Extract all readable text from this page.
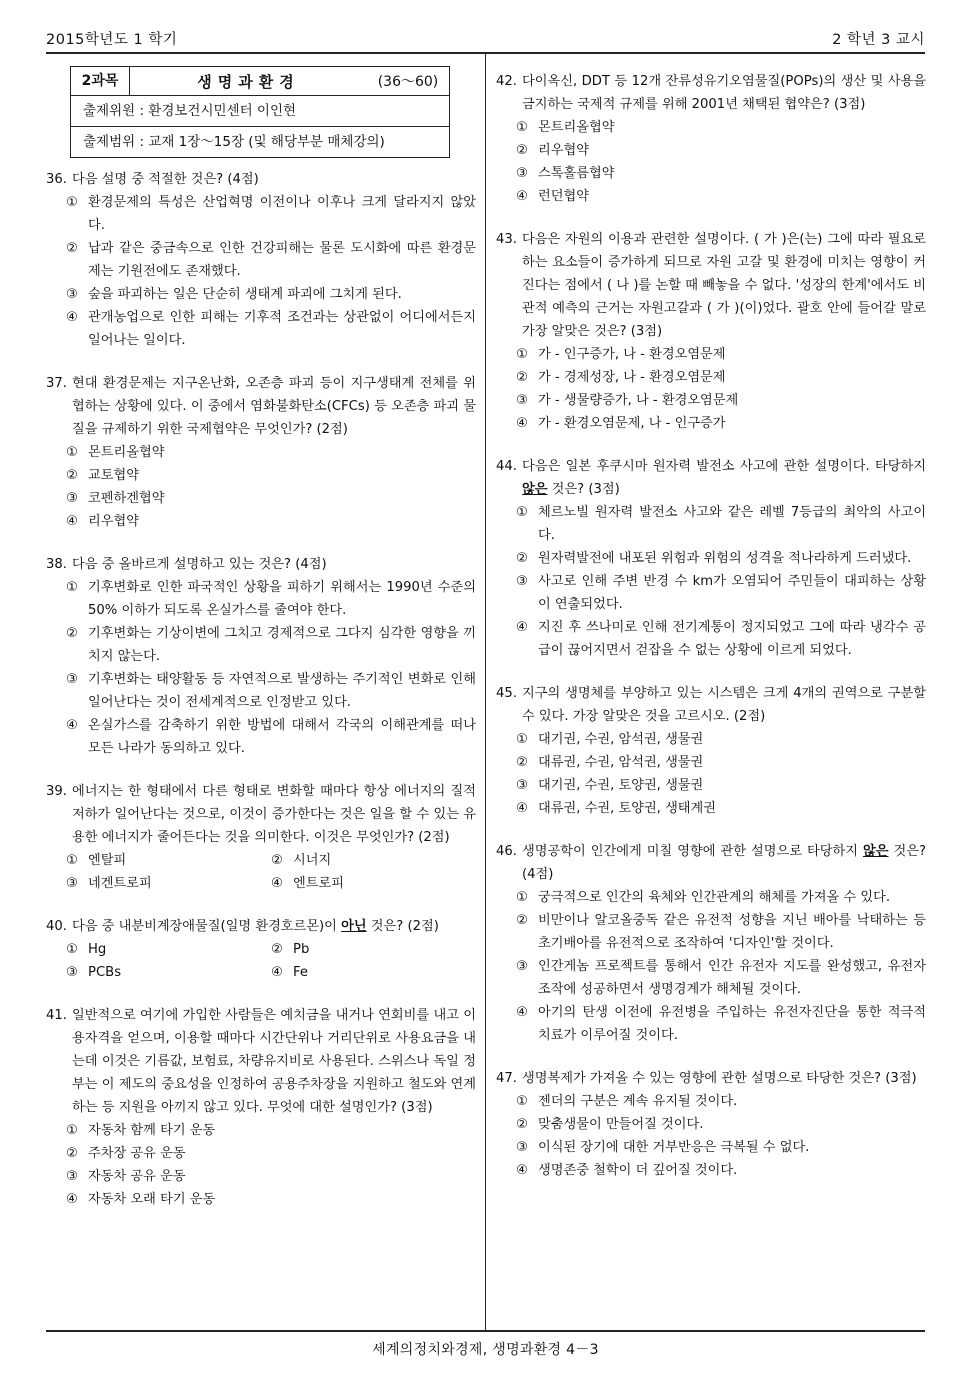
2015학년도 1 학기	2 학년 3 교시
2과목	생명과환경	(36～60)
출제위원 : 환경보건시민센터 이인현
출제범위 : 교재 1장～15장 (및 해당부분 매체강의)
36. 다음 설명 중 적절한 것은? (4점)
① 환경문제의 특성은 산업혁명 이전이나 이후나 크게 달라지지 않았다.
② 납과 같은 중금속으로 인한 건강피해는 물론 도시화에 따른 환경문제는 기원전에도 존재했다.
③ 숲을 파괴하는 일은 단순히 생태계 파괴에 그치게 된다.
④ 관개농업으로 인한 피해는 기후적 조건과는 상관없이 어디에서든지 일어나는 일이다.
37. 현대 환경문제는 지구온난화, 오존층 파괴 등이 지구생태계 전체를 위협하는 상황에 있다. 이 중에서 염화불화탄소(CFCs) 등 오존층 파괴 물질을 규제하기 위한 국제협약은 무엇인가? (2점)
① 몬트리올협약
② 교토협약
③ 코펜하겐협약
④ 리우협약
38. 다음 중 올바르게 설명하고 있는 것은? (4점)
① 기후변화로 인한 파국적인 상황을 피하기 위해서는 1990년 수준의 50% 이하가 되도록 온실가스를 줄여야 한다.
② 기후변화는 기상이변에 그치고 경제적으로 그다지 심각한 영향을 끼치지 않는다.
③ 기후변화는 태양활동 등 자연적으로 발생하는 주기적인 변화로 인해 일어난다는 것이 전세계적으로 인정받고 있다.
④ 온실가스를 감축하기 위한 방법에 대해서 각국의 이해관계를 떠나 모든 나라가 동의하고 있다.
39. 에너지는 한 형태에서 다른 형태로 변화할 때마다 항상 에너지의 질적 저하가 일어난다는 것으로, 이것이 증가한다는 것은 일을 할 수 있는 유용한 에너지가 줄어든다는 것을 의미한다. 이것은 무엇인가? (2점)
① 엔탈피	② 시너지
③ 네겐트로피	④ 엔트로피
40. 다음 중 내분비계장애물질(일명 환경호르몬)이 아닌 것은? (2점)
① Hg	② Pb
③ PCBs	④ Fe
41. 일반적으로 여기에 가입한 사람들은 예치금을 내거나 연회비를 내고 이용자격을 얻으며, 이용할 때마다 시간단위나 거리단위로 사용요금을 내는데 이것은 기름값, 보험료, 차량유지비로 사용된다. 스위스나 독일 정부는 이 제도의 중요성을 인정하여 공용주차장을 지원하고 철도와 연계하는 등 지원을 아끼지 않고 있다. 무엇에 대한 설명인가? (3점)
① 자동차 함께 타기 운동
② 주차장 공유 운동
③ 자동차 공유 운동
④ 자동차 오래 타기 운동
42. 다이옥신, DDT 등 12개 잔류성유기오염물질(POPs)의 생산 및 사용을 금지하는 국제적 규제를 위해 2001년 채택된 협약은? (3점)
① 몬트리올협약
② 리우협약
③ 스톡홀름협약
④ 런던협약
43. 다음은 자원의 이용과 관련한 설명이다. ( 가 )은(는) 그에 따라 필요로 하는 요소들이 증가하게 되므로 자원 고갈 및 환경에 미치는 영향이 커진다는 점에서 ( 나 )를 논할 때 빼놓을 수 없다. '성장의 한계'에서도 비관적 예측의 근거는 자원고갈과 ( 가 )(이)었다. 괄호 안에 들어갈 말로 가장 알맞은 것은? (3점)
① 가 - 인구증가, 나 - 환경오염문제
② 가 - 경제성장, 나 - 환경오염문제
③ 가 - 생물량증가, 나 - 환경오염문제
④ 가 - 환경오염문제, 나 - 인구증가
44. 다음은 일본 후쿠시마 원자력 발전소 사고에 관한 설명이다. 타당하지 않은 것은? (3점)
① 체르노빌 원자력 발전소 사고와 같은 레벨 7등급의 최악의 사고이다.
② 원자력발전에 내포된 위험과 위험의 성격을 적나라하게 드러냈다.
③ 사고로 인해 주변 반경 수 km가 오염되어 주민들이 대피하는 상황이 연출되었다.
④ 지진 후 쓰나미로 인해 전기계통이 정지되었고 그에 따라 냉각수 공급이 끊어지면서 걷잡을 수 없는 상황에 이르게 되었다.
45. 지구의 생명체를 부양하고 있는 시스템은 크게 4개의 권역으로 구분할 수 있다. 가장 알맞은 것을 고르시오. (2점)
① 대기권, 수권, 암석권, 생물권
② 대류권, 수권, 암석권, 생물권
③ 대기권, 수권, 토양권, 생물권
④ 대류권, 수권, 토양권, 생태계권
46. 생명공학이 인간에게 미칠 영향에 관한 설명으로 타당하지 않은 것은? (4점)
① 궁극적으로 인간의 육체와 인간관계의 해체를 가져올 수 있다.
② 비만이나 알코올중독 같은 유전적 성향을 지닌 배아를 낙태하는 등 초기배아를 유전적으로 조작하여 '디자인'할 것이다.
③ 인간게놈 프로젝트를 통해서 인간 유전자 지도를 완성했고, 유전자 조작에 성공하면서 생명경계가 해체될 것이다.
④ 아기의 탄생 이전에 유전병을 주입하는 유전자진단을 통한 적극적 치료가 이루어질 것이다.
47. 생명복제가 가져올 수 있는 영향에 관한 설명으로 타당한 것은? (3점)
① 젠더의 구분은 계속 유지될 것이다.
② 맞춤생물이 만들어질 것이다.
③ 이식된 장기에 대한 거부반응은 극복될 수 없다.
④ 생명존중 철학이 더 깊어질 것이다.
세계의정치와경제, 생명과환경 4－3
